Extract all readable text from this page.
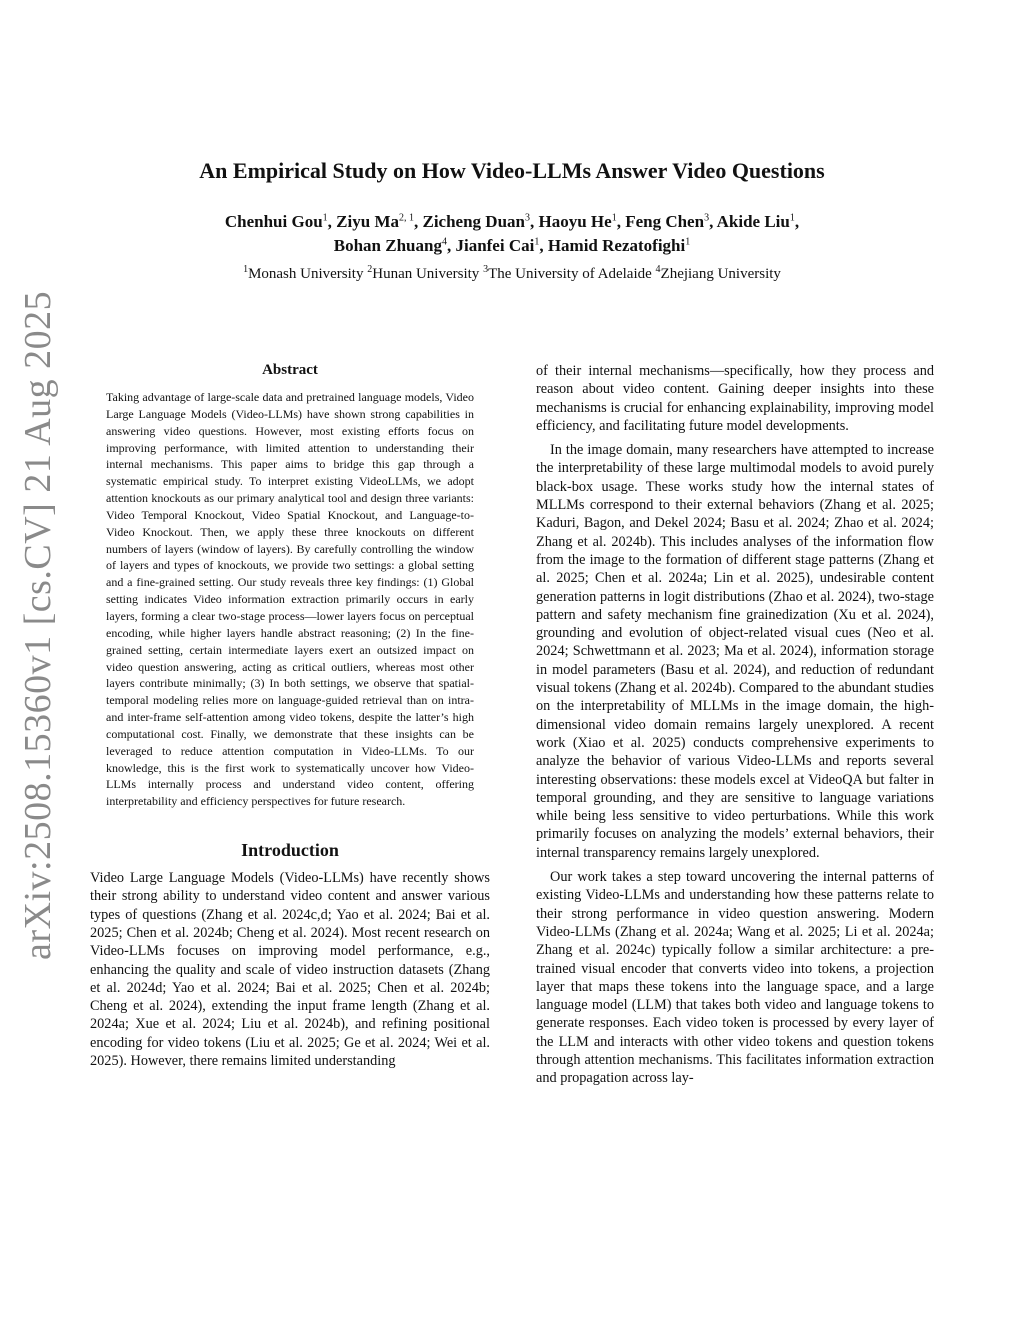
An Empirical Study on How Video-LLMs Answer Video Questions
Chenhui Gou$^1$, Ziyu Ma$^{2, 1}$, Zicheng Duan$^3$, Haoyu He$^1$, Feng Chen$^3$, Akide Liu$^1$,
Bohan Zhuang$^4$, Jianfei Cai$^1$, Hamid Rezatofighi$^1$
$^1$Monash University $^2$Hunan University $^3$The University of Adelaide $^4$Zhejiang University
arXiv:2508.15360v1 [cs.CV] 21 Aug 2025	Abstract

Taking advantage of large-scale data and pretrained language models, Video Large Language Models (Video-LLMs) have shown strong capabilities in answering video questions. However, most existing efforts focus on improving performance, with limited attention to understanding their internal mechanisms. This paper aims to bridge this gap through a systematic empirical study. To interpret existing VideoLLMs, we adopt attention knockouts as our primary analytical tool and design three variants: Video Temporal Knockout, Video Spatial Knockout, and Language-to-Video Knockout. Then, we apply these three knockouts on different numbers of layers (window of layers). By carefully controlling the window of layers and types of knockouts, we provide two settings: a global setting and a fine-grained setting. Our study reveals three key findings: (1) Global setting indicates Video information extraction primarily occurs in early layers, forming a clear two-stage process—lower layers focus on perceptual encoding, while higher layers handle abstract reasoning; (2) In the fine-grained setting, certain intermediate layers exert an outsized impact on video question answering, acting as critical outliers, whereas most other layers contribute minimally; (3) In both settings, we observe that spatial-temporal modeling relies more on language-guided retrieval than on intra- and inter-frame self-attention among video tokens, despite the latter’s high computational cost. Finally, we demonstrate that these insights can be leveraged to reduce attention computation in Video-LLMs. To our knowledge, this is the first work to systematically uncover how Video-LLMs internally process and understand video content, offering interpretability and efficiency perspectives for future research.

Introduction

Video Large Language Models (Video-LLMs) have recently shows their strong ability to understand video content and answer various types of questions (Zhang et al. 2024c,d; Yao et al. 2024; Bai et al. 2025; Chen et al. 2024b; Cheng et al. 2024). Most recent research on Video-LLMs focuses on improving model performance, e.g., enhancing the quality and scale of video instruction datasets (Zhang et al. 2024d; Yao et al. 2024; Bai et al. 2025; Chen et al. 2024b; Cheng et al. 2024), extending the input frame length (Zhang et al. 2024a; Xue et al. 2024; Liu et al. 2024b), and refining positional encoding for video tokens (Liu et al. 2025; Ge et al. 2024; Wei et al. 2025). However, there remains limited understanding

of their internal mechanisms—specifically, how they process and reason about video content. Gaining deeper insights into these mechanisms is crucial for enhancing explainability, improving model efficiency, and facilitating future model developments.

In the image domain, many researchers have attempted to increase the interpretability of these large multimodal models to avoid purely black-box usage. These works study how the internal states of MLLMs correspond to their external behaviors (Zhang et al. 2025; Kaduri, Bagon, and Dekel 2024; Basu et al. 2024; Zhao et al. 2024; Zhang et al. 2024b). This includes analyses of the information flow from the image to the formation of different stage patterns (Zhang et al. 2025; Chen et al. 2024a; Lin et al. 2025), undesirable content generation patterns in logit distributions (Zhao et al. 2024), two-stage pattern and safety mechanism fine grainedization (Xu et al. 2024), grounding and evolution of object-related visual cues (Neo et al. 2024; Schwettmann et al. 2023; Ma et al. 2024), information storage in model parameters (Basu et al. 2024), and reduction of redundant visual tokens (Zhang et al. 2024b). Compared to the abundant studies on the interpretability of MLLMs in the image domain, the high-dimensional video domain remains largely unexplored. A recent work (Xiao et al. 2025) conducts comprehensive experiments to analyze the behavior of various Video-LLMs and reports several interesting observations: these models excel at VideoQA but falter in temporal grounding, and they are sensitive to language variations while being less sensitive to video perturbations. While this work primarily focuses on analyzing the models’ external behaviors, their internal transparency remains largely unexplored.

Our work takes a step toward uncovering the internal patterns of existing Video-LLMs and understanding how these patterns relate to their strong performance in video question answering. Modern Video-LLMs (Zhang et al. 2024a; Wang et al. 2025; Li et al. 2024a; Zhang et al. 2024c) typically follow a similar architecture: a pre-trained visual encoder that converts video into tokens, a projection layer that maps these tokens into the language space, and a large language model (LLM) that takes both video and language tokens to generate responses. Each video token is processed by every layer of the LLM and interacts with other video tokens and question tokens through attention mechanisms. This facilitates information extraction and propagation across lay-
